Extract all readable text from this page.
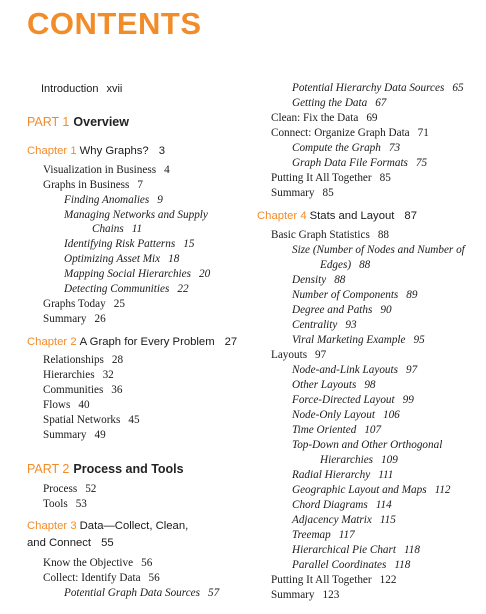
CONTENTS
Introduction xvii
PART 1 Overview
Chapter 1 Why Graphs? 3
Visualization in Business 4
Graphs in Business 7
Finding Anomalies 9
Managing Networks and Supply
Chains 11
Identifying Risk Patterns 15
Optimizing Asset Mix 18
Mapping Social Hierarchies 20
Detecting Communities 22
Graphs Today 25
Summary 26
Chapter 2 A Graph for Every Problem 27
Relationships 28
Hierarchies 32
Communities 36
Flows 40
Spatial Networks 45
Summary 49
PART 2 Process and Tools
Process 52
Tools 53
Chapter 3 Data—Collect, Clean,
and Connect 55
Know the Objective 56
Collect: Identify Data 56
Potential Graph Data Sources 57
Potential Hierarchy Data Sources 65
Getting the Data 67
Clean: Fix the Data 69
Connect: Organize Graph Data 71
Compute the Graph 73
Graph Data File Formats 75
Putting It All Together 85
Summary 85
Chapter 4 Stats and Layout 87
Basic Graph Statistics 88
Size (Number of Nodes and Number of
Edges) 88
Density 88
Number of Components 89
Degree and Paths 90
Centrality 93
Viral Marketing Example 95
Layouts 97
Node-and-Link Layouts 97
Other Layouts 98
Force-Directed Layout 99
Node-Only Layout 106
Time Oriented 107
Top-Down and Other Orthogonal
Hierarchies 109
Radial Hierarchy 111
Geographic Layout and Maps 112
Chord Diagrams 114
Adjacency Matrix 115
Treemap 117
Hierarchical Pie Chart 118
Parallel Coordinates 118
Putting It All Together 122
Summary 123
